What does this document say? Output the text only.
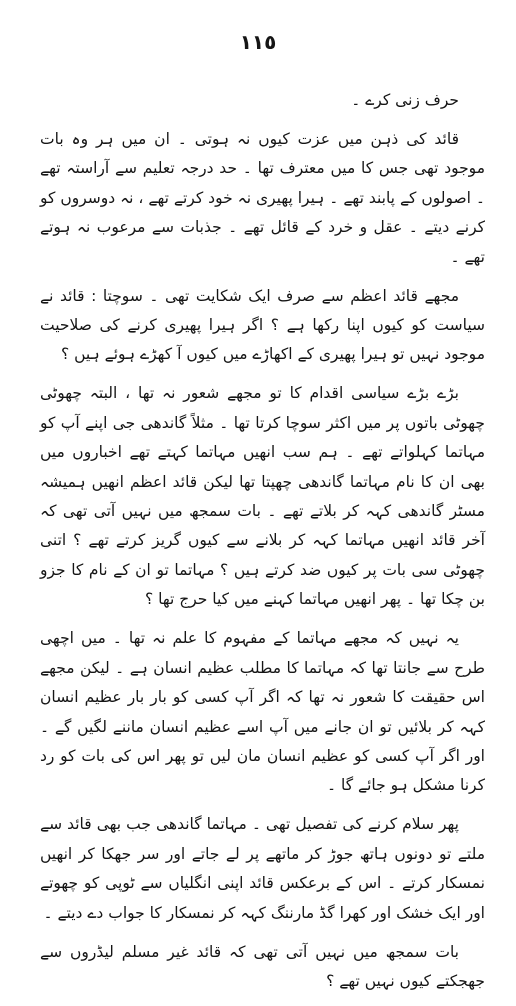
١١٥

حرف زنی کرے ۔

قائد کی ذہن میں عزت کیوں نہ ہوتی ۔ ان میں ہر وہ بات موجود تھی جس کا میں معترف تھا ۔ حد درجہ تعلیم سے آراستہ تھے ۔ اصولوں کے پابند تھے ۔ ہیرا پھیری نہ خود کرتے تھے ، نہ دوسروں کو کرنے دیتے ۔ عقل و خرد کے قائل تھے ۔ جذبات سے مرعوب نہ ہوتے تھے ۔

مجھے قائد اعظم سے صرف ایک شکایت تھی ۔ سوچتا : قائد نے سیاست کو کیوں اپنا رکھا ہے ؟ اگر ہیرا پھیری کرنے کی صلاحیت موجود نہیں تو ہیرا پھیری کے اکھاڑے میں کیوں آ کھڑے ہوئے ہیں ؟

بڑے بڑے سیاسی اقدام کا تو مجھے شعور نہ تھا ، البتہ چھوٹی چھوٹی باتوں پر میں اکثر سوچا کرتا تھا ۔ مثلاً گاندھی جی اپنے آپ کو مہاتما کہلواتے تھے ۔ ہم سب انھیں مہاتما کہتے تھے اخباروں میں بھی ان کا نام مہاتما گاندھی چھپتا تھا لیکن قائد اعظم انھیں ہمیشہ مسٹر گاندھی کہہ کر بلاتے تھے ۔ بات سمجھ میں نہیں آتی تھی کہ آخر قائد انھیں مہاتما کہہ کر بلانے سے کیوں گریز کرتے تھے ؟ اتنی چھوٹی سی بات پر کیوں ضد کرتے ہیں ؟ مہاتما تو ان کے نام کا جزو بن چکا تھا ۔ پھر انھیں مہاتما کہنے میں کیا حرج تھا ؟

یہ نہیں کہ مجھے مہاتما کے مفہوم کا علم نہ تھا ۔ میں اچھی طرح سے جانتا تھا کہ مہاتما کا مطلب عظیم انسان ہے ۔ لیکن مجھے اس حقیقت کا شعور نہ تھا کہ اگر آپ کسی کو بار بار عظیم انسان کہہ کر بلائیں تو ان جانے میں آپ اسے عظیم انسان ماننے لگیں گے ۔ اور اگر آپ کسی کو عظیم انسان مان لیں تو پھر اس کی بات کو رد کرنا مشکل ہو جائے گا ۔

پھر سلام کرنے کی تفصیل تھی ۔ مہاتما گاندھی جب بھی قائد سے ملتے تو دونوں ہاتھ جوڑ کر ماتھے پر لے جاتے اور سر جھکا کر انھیں نمسکار کرتے ۔ اس کے برعکس قائد اپنی انگلیاں سے ٹوپی کو چھوتے اور ایک خشک اور کھرا گڈ مارننگ کہہ کر نمسکار کا جواب دے دیتے ۔

بات سمجھ میں نہیں آتی تھی کہ قائد غیر مسلم لیڈروں سے جھجکتے کیوں نہیں تھے ؟
